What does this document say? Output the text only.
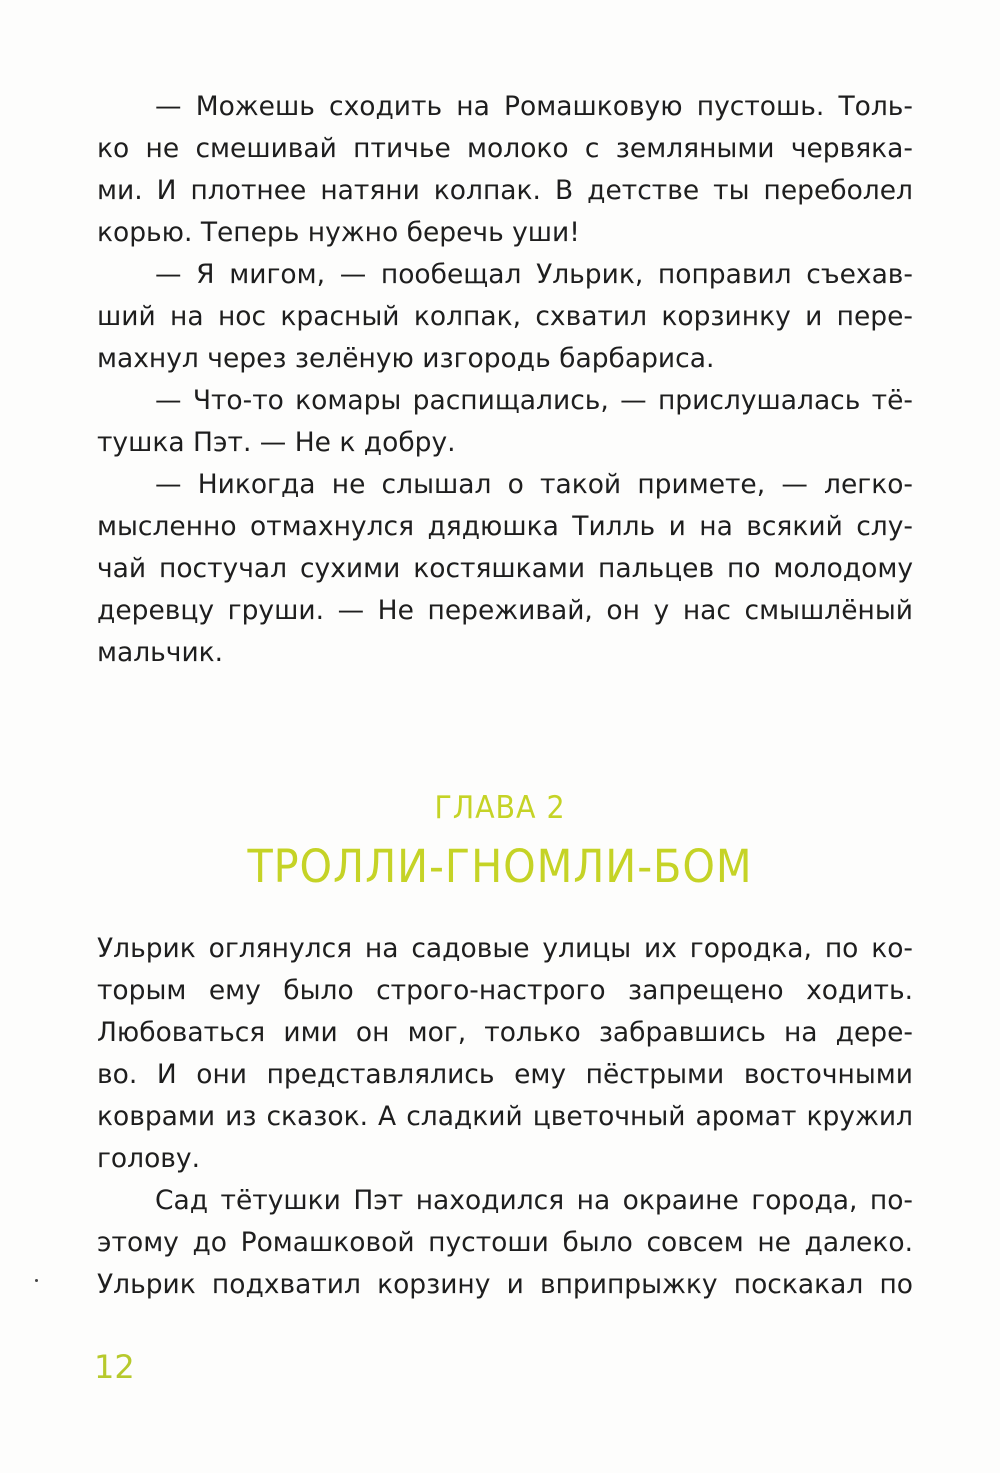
— Можешь сходить на Ромашковую пустошь. Толь-
ко не смешивай птичье молоко с земляными червяка-
ми. И плотнее натяни колпак. В детстве ты переболел
корью. Теперь нужно беречь уши!
— Я мигом, — пообещал Ульрик, поправил съехав-
ший на нос красный колпак, схватил корзинку и пере-
махнул через зелёную изгородь барбариса.
— Что-то комары распищались, — прислушалась тё-
тушка Пэт. — Не к добру.
— Никогда не слышал о такой примете, — легко-
мысленно отмахнулся дядюшка Тилль и на всякий слу-
чай постучал сухими костяшками пальцев по молодому
деревцу груши. — Не переживай, он у нас смышлёный
мальчик.
ГЛАВА 2
ТРОЛЛИ-ГНОМЛИ-БОМ
Ульрик оглянулся на садовые улицы их городка, по ко-
торым ему было строго-настрого запрещено ходить.
Любоваться ими он мог, только забравшись на дере-
во. И они представлялись ему пёстрыми восточными
коврами из сказок. А сладкий цветочный аромат кружил
голову.
Сад тётушки Пэт находился на окраине города, по-
этому до Ромашковой пустоши было совсем не далеко.
Ульрик подхватил корзину и вприпрыжку поскакал по
12
